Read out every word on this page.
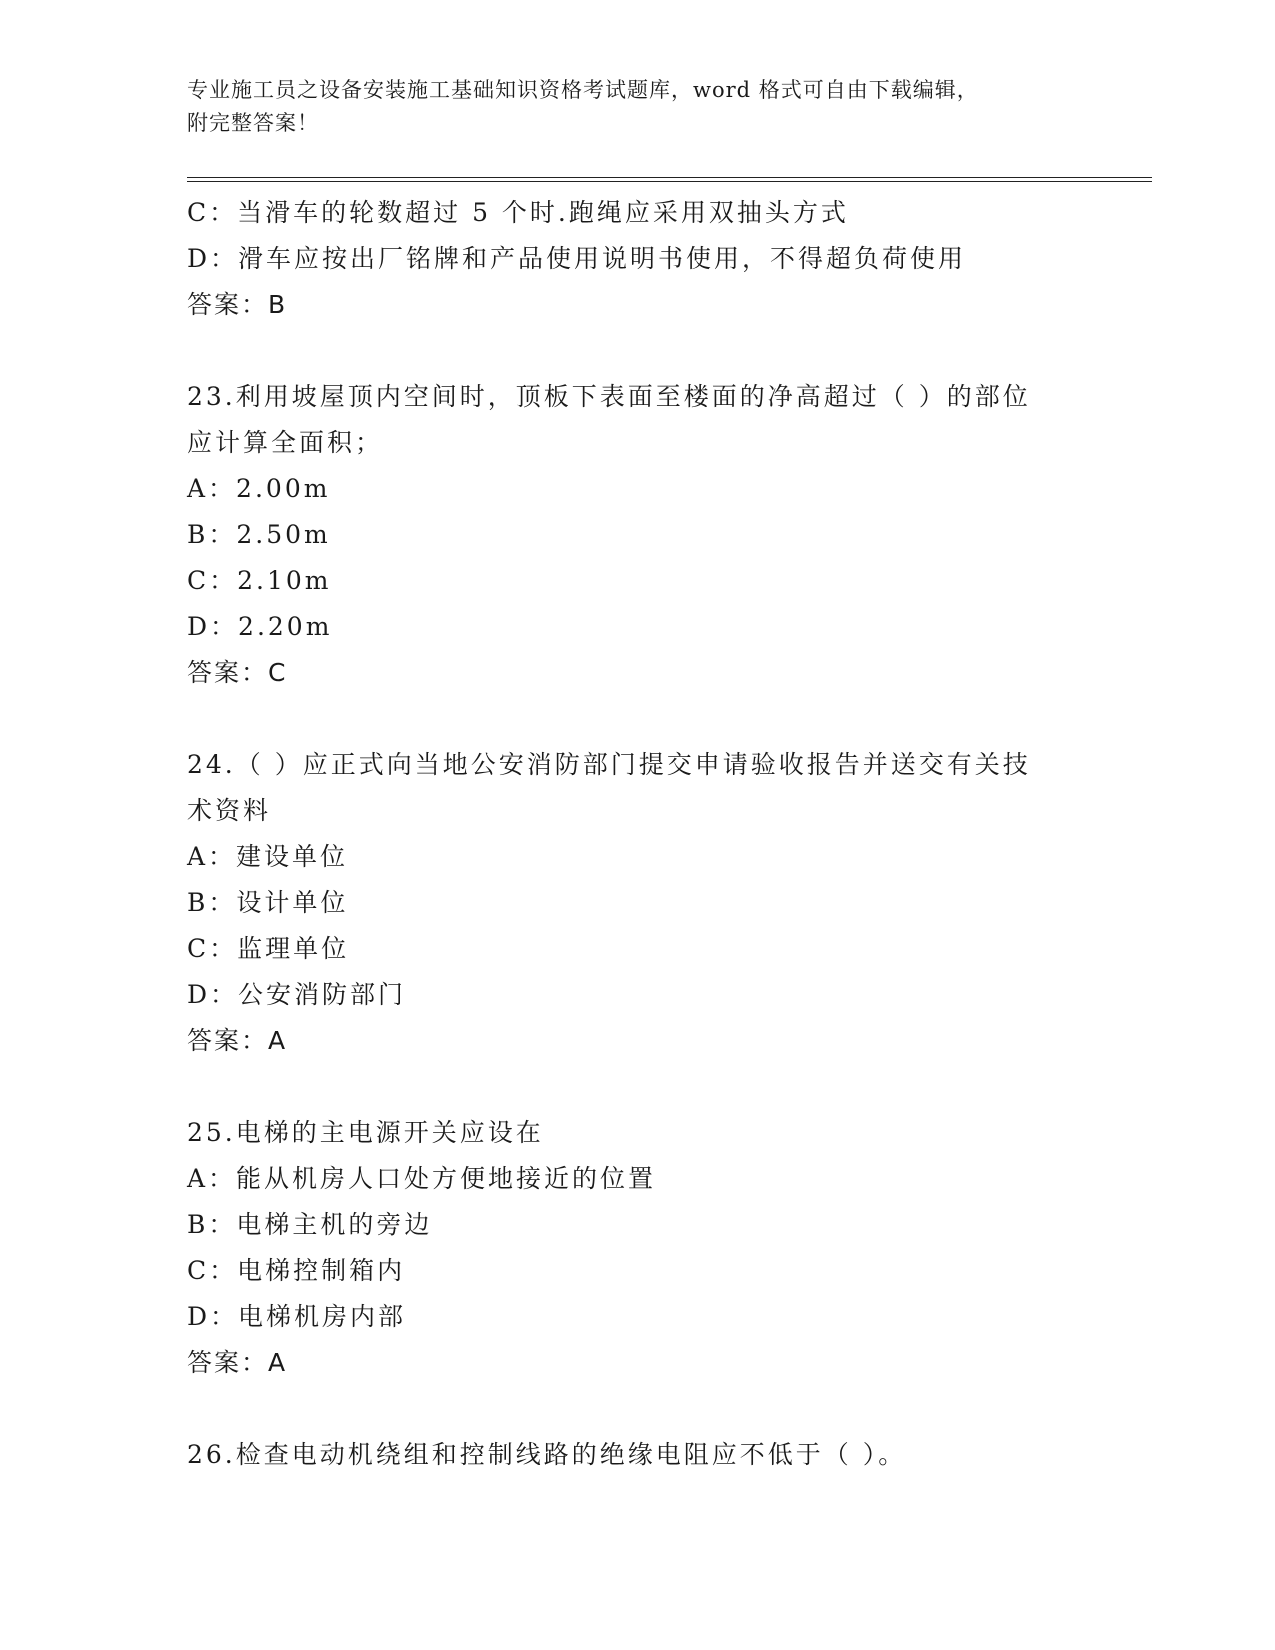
专业施工员之设备安装施工基础知识资格考试题库，word 格式可自由下载编辑，
附完整答案！
C：当滑车的轮数超过 5 个时.跑绳应采用双抽头方式
D：滑车应按出厂铭牌和产品使用说明书使用，不得超负荷使用
答案：B
23.利用坡屋顶内空间时，顶板下表面至楼面的净高超过（ ）的部位
应计算全面积；
A：2.00m
B：2.50m
C：2.10m
D：2.20m
答案：C
24.（ ）应正式向当地公安消防部门提交申请验收报告并送交有关技
术资料
A：建设单位
B：设计单位
C：监理单位
D：公安消防部门
答案：A
25.电梯的主电源开关应设在
A：能从机房人口处方便地接近的位置
B：电梯主机的旁边
C：电梯控制箱内
D：电梯机房内部
答案：A
26.检查电动机绕组和控制线路的绝缘电阻应不低于（ ）。
